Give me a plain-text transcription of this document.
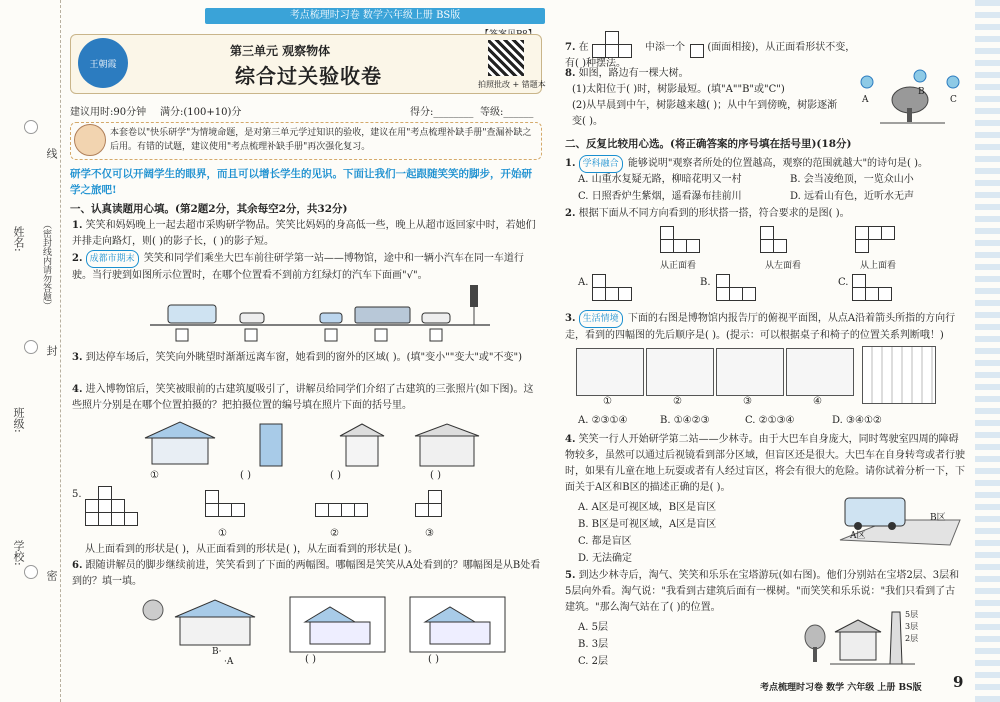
姓名: （密封线内请勿答题）
班级:
学校:
线
封
密
考点梳理时习卷 数学六年级上册 BS版
王朝霞
第三单元 观察物体
综合过关验收卷	拍照批改 + 错题本
建议用时:90分钟 满分:(100+10)分	得分:________ 等级:______
本套卷以"快乐研学"为情境命题，是对第三单元学过知识的验收，建议在用"考点梳理补缺手册"查漏补缺之后用。有错的试题，建议使用"考点梳理补缺手册"再次强化复习。
研学不仅可以开阔学生的眼界，而且可以增长学生的见识。下面让我们一起跟随笑笑的脚步，开始研学之旅吧!
一、认真读题用心填。(第2题2分，其余每空2分，共32分)
1. 笑笑和妈妈晚上一起去超市采购研学物品。笑笑比妈妈的身高低一些，晚上从超市返回家中时，若她们并排走向路灯，则( )的影子长，( )的影子短。
2. 成都市期末 笑笑和同学们乘坐大巴车前往研学第一站——博物馆，途中和一辆小汽车在同一车道行驶。当行驶到如图所示位置时，在哪个位置看不到前方红绿灯的汽车下面画"√"。
3. 到达停车场后，笑笑向外眺望时渐渐远离车窗，她看到的窗外的区域( )。(填"变小""变大"或"不变")
4. 进入博物馆后，笑笑被眼前的古建筑厦吸引了，讲解员给同学们介绍了古建筑的三张照片(如下图)。这些照片分别是在哪个位置拍摄的？把拍摄位置的编号填在照片下面的括号里。
①	( )	( )	( )
5.
①	②	③
从上面看到的形状是( )，从正面看到的形状是( )，从左面看到的形状是( )。
6. 跟随讲解员的脚步继续前进，笑笑看到了下面的两幅图。哪幅图是笑笑从A处看到的？哪幅图是从B处看到的？填一填。
B·
·A	( )	( )
7. 在	中添一个 (面面相接)，从正面看形状不变，有( )种摆法。
8. 如图，路边有一棵大树。
(1)太阳位于( )时，树影最短。(填"A""B"或"C")
(2)从早晨到中午，树影越来越( )；从中午到傍晚，树影逐渐变( )。
A
B
C
二、反复比较用心选。(将正确答案的序号填在括号里)(18分)
1. 学科融合 能够说明"观察者所处的位置越高，观察的范围就越大"的诗句是( )。
A. 山重水复疑无路，柳暗花明又一村	B. 会当凌绝顶，一览众山小
C. 日照香炉生紫烟，遥看瀑布挂前川	D. 远看山有色，近听水无声
2. 根据下面从不同方向看到的形状搭一搭，符合要求的是图( )。
从正面看	从左面看	从上面看
A.	B.	C.
3. 生活情境 下面的右图是博物馆内报告厅的俯视平面图，从点A沿着箭头所指的方向行走，看到的四幅图的先后顺序是( )。(提示：可以根据桌子和椅子的位置关系判断哦！)
①	②	③	④
A. ②③①④	B. ①④②③	C. ②①③④	D. ③④①②
4. 笑笑一行人开始研学第二站——少林寺。由于大巴车自身庞大，同时驾驶室四周的障碍物较多，虽然可以通过后视镜看到部分区域，但盲区还是很大。大巴车在自身转弯或者行驶时，如果有儿童在地上玩耍或者有人经过盲区，将会有很大的危险。请你试着分析一下，下面关于A区和B区的描述正确的是( )。
A. A区是可视区域，B区是盲区
B. B区是可视区域，A区是盲区
C. 都是盲区
D. 无法确定
A区
B区
5. 到达少林寺后，淘气、笑笑和乐乐在宝塔游玩(如右图)。他们分别站在宝塔2层、3层和5层向外看。淘气说："我看到古建筑后面有一棵树。"而笑笑和乐乐说："我们只看到了古建筑。"那么淘气站在了( )的位置。
A. 5层
B. 3层
C. 2层
5层
3层
2层
考点梳理时习卷 数学 六年级 上册 BS版 9
